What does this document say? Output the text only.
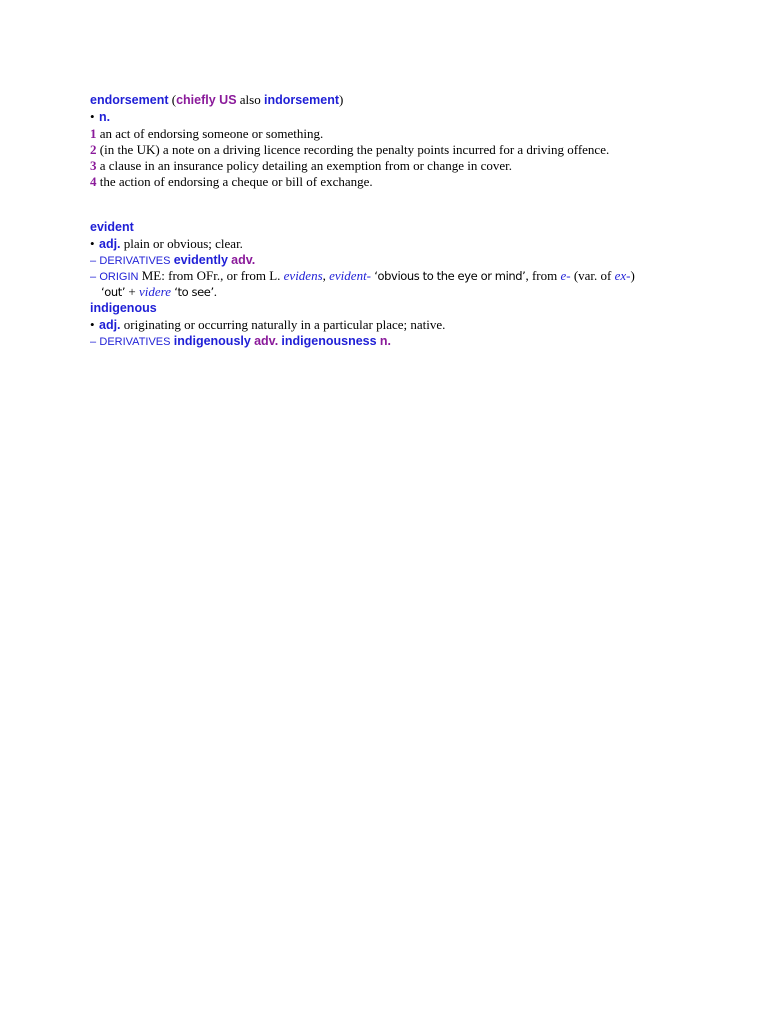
endorsement (chiefly US also indorsement)
• n.
1 an act of endorsing someone or something.
2 (in the UK) a note on a driving licence recording the penalty points incurred for a driving offence.
3 a clause in an insurance policy detailing an exemption from or change in cover.
4 the action of endorsing a cheque or bill of exchange.
evident
• adj. plain or obvious; clear.
– DERIVATIVES evidently adv.
– ORIGIN ME: from OFr., or from L. evidens, evident- ‘obvious to the eye or mind’, from e- (var. of ex-)
‘out’ + videre ‘to see’.
indigenous
• adj. originating or occurring naturally in a particular place; native.
– DERIVATIVES indigenously adv. indigenousness n.
